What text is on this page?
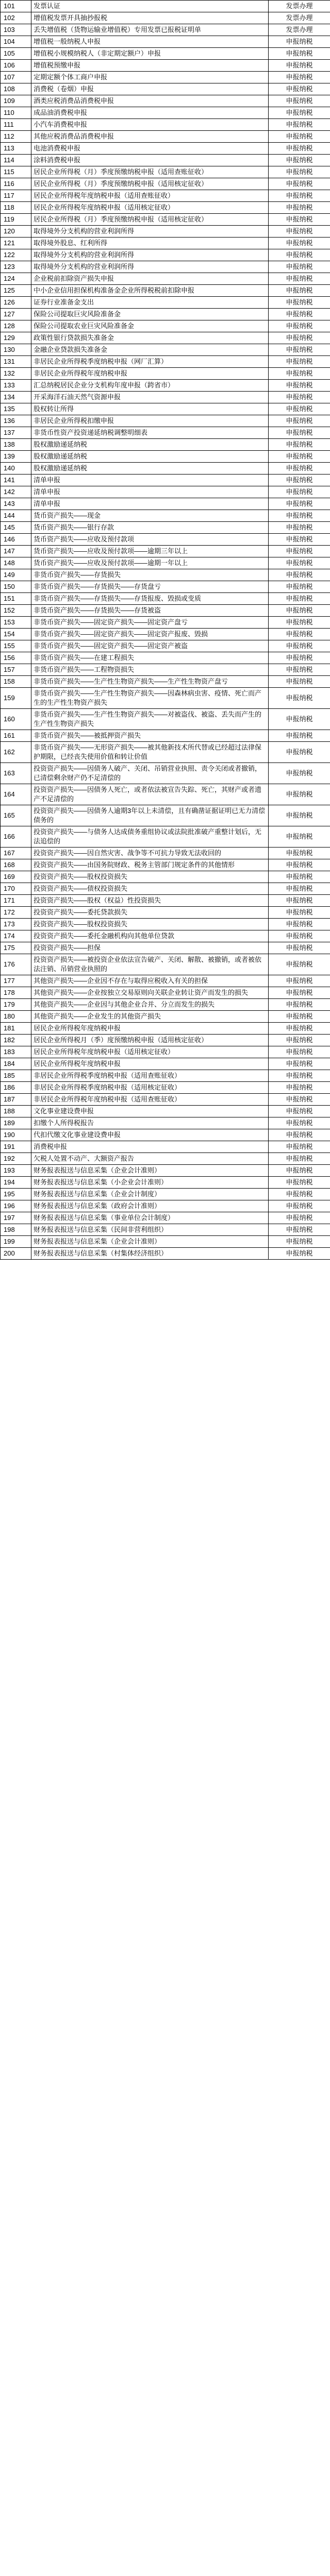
101	发票认证	发票办理
102	增值税发票开具抽抄报税	发票办理
103	丢失增值税（货物运输业增值税）专用发票已报税证明单	发票办理
104	增值税一般纳税人申报	申报纳税
105	增值税小规模纳税人（非定期定额户）申报	申报纳税
106	增值税预缴申报	申报纳税
107	定期定额个体工商户申报	申报纳税
108	消费税（卷烟）申报	申报纳税
109	酒类应税消费品消费税申报	申报纳税
110	成品油消费税申报	申报纳税
111	小汽车消费税申报	申报纳税
112	其他应税消费品消费税申报	申报纳税
113	电池消费税申报	申报纳税
114	涂料消费税申报	申报纳税
115	居民企业所得税（月）季度预缴纳税申报（适用查账征收）	申报纳税
116	居民企业所得税（月）季度预缴纳税申报（适用核定征收）	申报纳税
117	居民企业所得税年度纳税申报（适用查账征收）	申报纳税
118	居民企业所得税年度纳税申报（适用核定征收）	申报纳税
119	居民企业所得税（月）季度预缴纳税申报（适用核定征收）	申报纳税
120	取得境外分支机构的营业利润所得	申报纳税
121	取得境外股息、红利所得	申报纳税
122	取得境外分支机构的营业利润所得	申报纳税
123	取得境外分支机构的营业利润所得	申报纳税
124	企业税前扣除资产损失申报	申报纳税
125	中小企业信用担保机构准备金企业所得税税前扣除申报	申报纳税
126	证券行业准备金支出	申报纳税
127	保险公司提取巨灾风险准备金	申报纳税
128	保险公司提取农业巨灾风险准备金	申报纳税
129	政策性银行贷款损失准备金	申报纳税
130	金融企业贷款损失准备金	申报纳税
131	非居民企业所得税季度纳税申报（网厂汇算）	申报纳税
132	非居民企业所得税年度纳税申报	申报纳税
133	汇总纳税居民企业分支机构年度申报（跨省市）	申报纳税
134	开采海洋石油天然气资源申报	申报纳税
135	股权转让所得	申报纳税
136	非居民企业所得税扣缴申报	申报纳税
137	非货币性资产投资递延纳税调整明细表	申报纳税
138	股权激励递延纳税	申报纳税
139	股权激励递延纳税	申报纳税
140	股权激励递延纳税	申报纳税
141	清单申报	申报纳税
142	清单申报	申报纳税
143	清单申报	申报纳税
144	货币资产损失——现金	申报纳税
145	货币资产损失——银行存款	申报纳税
146	货币资产损失——应收及预付款项	申报纳税
147	货币资产损失——应收及预付款项——逾期三年以上	申报纳税
148	货币资产损失——应收及预付款项——逾期一年以上	申报纳税
149	非货币资产损失——存货损失	申报纳税
150	非货币资产损失——存货损失——存货盘亏	申报纳税
151	非货币资产损失——存货损失——存货报废、毁损或变质	申报纳税
152	非货币资产损失——存货损失——存货被盗	申报纳税
153	非货币资产损失——固定资产损失——固定资产盘亏	申报纳税
154	非货币资产损失——固定资产损失——固定资产报废、毁损	申报纳税
155	非货币资产损失——固定资产损失——固定资产被盗	申报纳税
156	非货币资产损失——在建工程损失	申报纳税
157	非货币资产损失——工程物资损失	申报纳税
158	非货币资产损失——生产性生物资产损失——生产性生物资产盘亏	申报纳税
159	非货币资产损失——生产性生物资产损失——因森林病虫害、疫情、死亡而产生的生产性生物资产损失	申报纳税
160	非货币资产损失——生产性生物资产损失——对被盗伐、被盗、丢失而产生的生产性生物资产损失	申报纳税
161	非货币资产损失——被抵押资产损失	申报纳税
162	非货币资产损失——无形资产损失——被其他新技术所代替或已经超过法律保护期限，已经丧失使用价值和转让价值	申报纳税
163	投资资产损失——因债务人破产、关闭、吊销营业执照、责令关闭或者撤销，已清偿剩余财产仍不足清偿的	申报纳税
164	投资资产损失——因债务人死亡，或者依法被宣告失踪、死亡，其财产或者遗产不足清偿的	申报纳税
165	投资资产损失——因债务人逾期3年以上未清偿，且有确凿证据证明已无力清偿债务的	申报纳税
166	投资资产损失——与债务人达成债务重组协议或法院批准破产重整计划后，无法追偿的	申报纳税
167	投资资产损失——因自然灾害、战争等不可抗力导致无法收回的	申报纳税
168	投资资产损失——由国务院财政、税务主管部门规定条件的其他情形	申报纳税
169	投资资产损失——股权投资损失	申报纳税
170	投资资产损失——债权投资损失	申报纳税
171	投资资产损失——股权（权益）性投资损失	申报纳税
172	投资资产损失——委托贷款损失	申报纳税
173	投资资产损失——股权投资损失	申报纳税
174	投资资产损失——委托金融机构向其他单位贷款	申报纳税
175	投资资产损失——担保	申报纳税
176	投资资产损失——被投资企业依法宣告破产、关闭、解散、被撤销，或者被依法注销、吊销营业执照的	申报纳税
177	其他资产损失——企业因不存在与取得应税收入有关的担保	申报纳税
178	其他资产损失——企业按独立交易原则向关联企业转让资产而发生的损失	申报纳税
179	其他资产损失——企业因与其他企业合并、分立而发生的损失	申报纳税
180	其他资产损失——企业发生的其他资产损失	申报纳税
181	居民企业所得税年度纳税申报	申报纳税
182	居民企业所得税月（季）度预缴纳税申报（适用核定征收）	申报纳税
183	居民企业所得税年度纳税申报（适用核定征收）	申报纳税
184	居民企业所得税年度纳税申报	申报纳税
185	非居民企业所得税季度纳税申报（适用查账征收）	申报纳税
186	非居民企业所得税季度纳税申报（适用核定征收）	申报纳税
187	非居民企业所得税年度纳税申报（适用查账征收）	申报纳税
188	文化事业建设费申报	申报纳税
189	扣缴个人所得税报告	申报纳税
190	代扣代缴文化事业建设费申报	申报纳税
191	消费税申报	申报纳税
192	欠税人处置不动产、大额资产报告	申报纳税
193	财务报表报送与信息采集（企业会计准则）	申报纳税
194	财务报表报送与信息采集（小企业会计准则）	申报纳税
195	财务报表报送与信息采集（企业会计制度）	申报纳税
196	财务报表报送与信息采集（政府会计准则）	申报纳税
197	财务报表报送与信息采集（事业单位会计制度）	申报纳税
198	财务报表报送与信息采集（民间非营利组织）	申报纳税
199	财务报表报送与信息采集（企业会计准则）	申报纳税
200	财务报表报送与信息采集（村集体经济组织）	申报纳税
